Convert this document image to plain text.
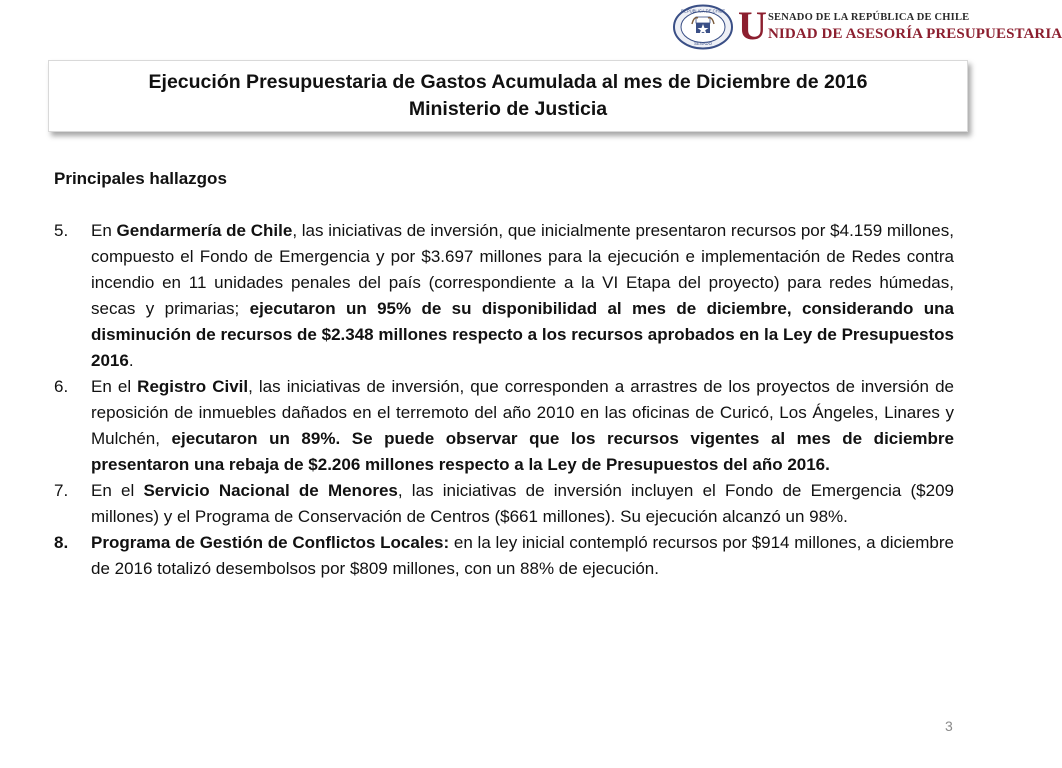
REPÚBLICA DE CHILE
SENADO U SENADO DE LA REPÚBLICA DE CHILE
NIDAD DE ASESORÍA PRESUPUESTARIA
Ejecución Presupuestaria de Gastos Acumulada al mes de Diciembre de 2016
Ministerio de Justicia
Principales hallazgos
5. En Gendarmería de Chile, las iniciativas de inversión, que inicialmente presentaron recursos por $4.159 millones, compuesto el Fondo de Emergencia y por $3.697 millones para la ejecución e implementación de Redes contra incendio en 11 unidades penales del país (correspondiente a la VI Etapa del proyecto) para redes húmedas, secas y primarias; ejecutaron un 95% de su disponibilidad al mes de diciembre, considerando una disminución de recursos de $2.348 millones respecto a los recursos aprobados en la Ley de Presupuestos 2016.
6. En el Registro Civil, las iniciativas de inversión, que corresponden a arrastres de los proyectos de inversión de reposición de inmuebles dañados en el terremoto del año 2010 en las oficinas de Curicó, Los Ángeles, Linares y Mulchén, ejecutaron un 89%. Se puede observar que los recursos vigentes al mes de diciembre presentaron una rebaja de $2.206 millones respecto a la Ley de Presupuestos del año 2016.
7. En el Servicio Nacional de Menores, las iniciativas de inversión incluyen el Fondo de Emergencia ($209 millones) y el Programa de Conservación de Centros ($661 millones). Su ejecución alcanzó un 98%.
8. Programa de Gestión de Conflictos Locales: en la ley inicial contempló recursos por $914 millones, a diciembre de 2016 totalizó desembolsos por $809 millones, con un 88% de ejecución.
3
